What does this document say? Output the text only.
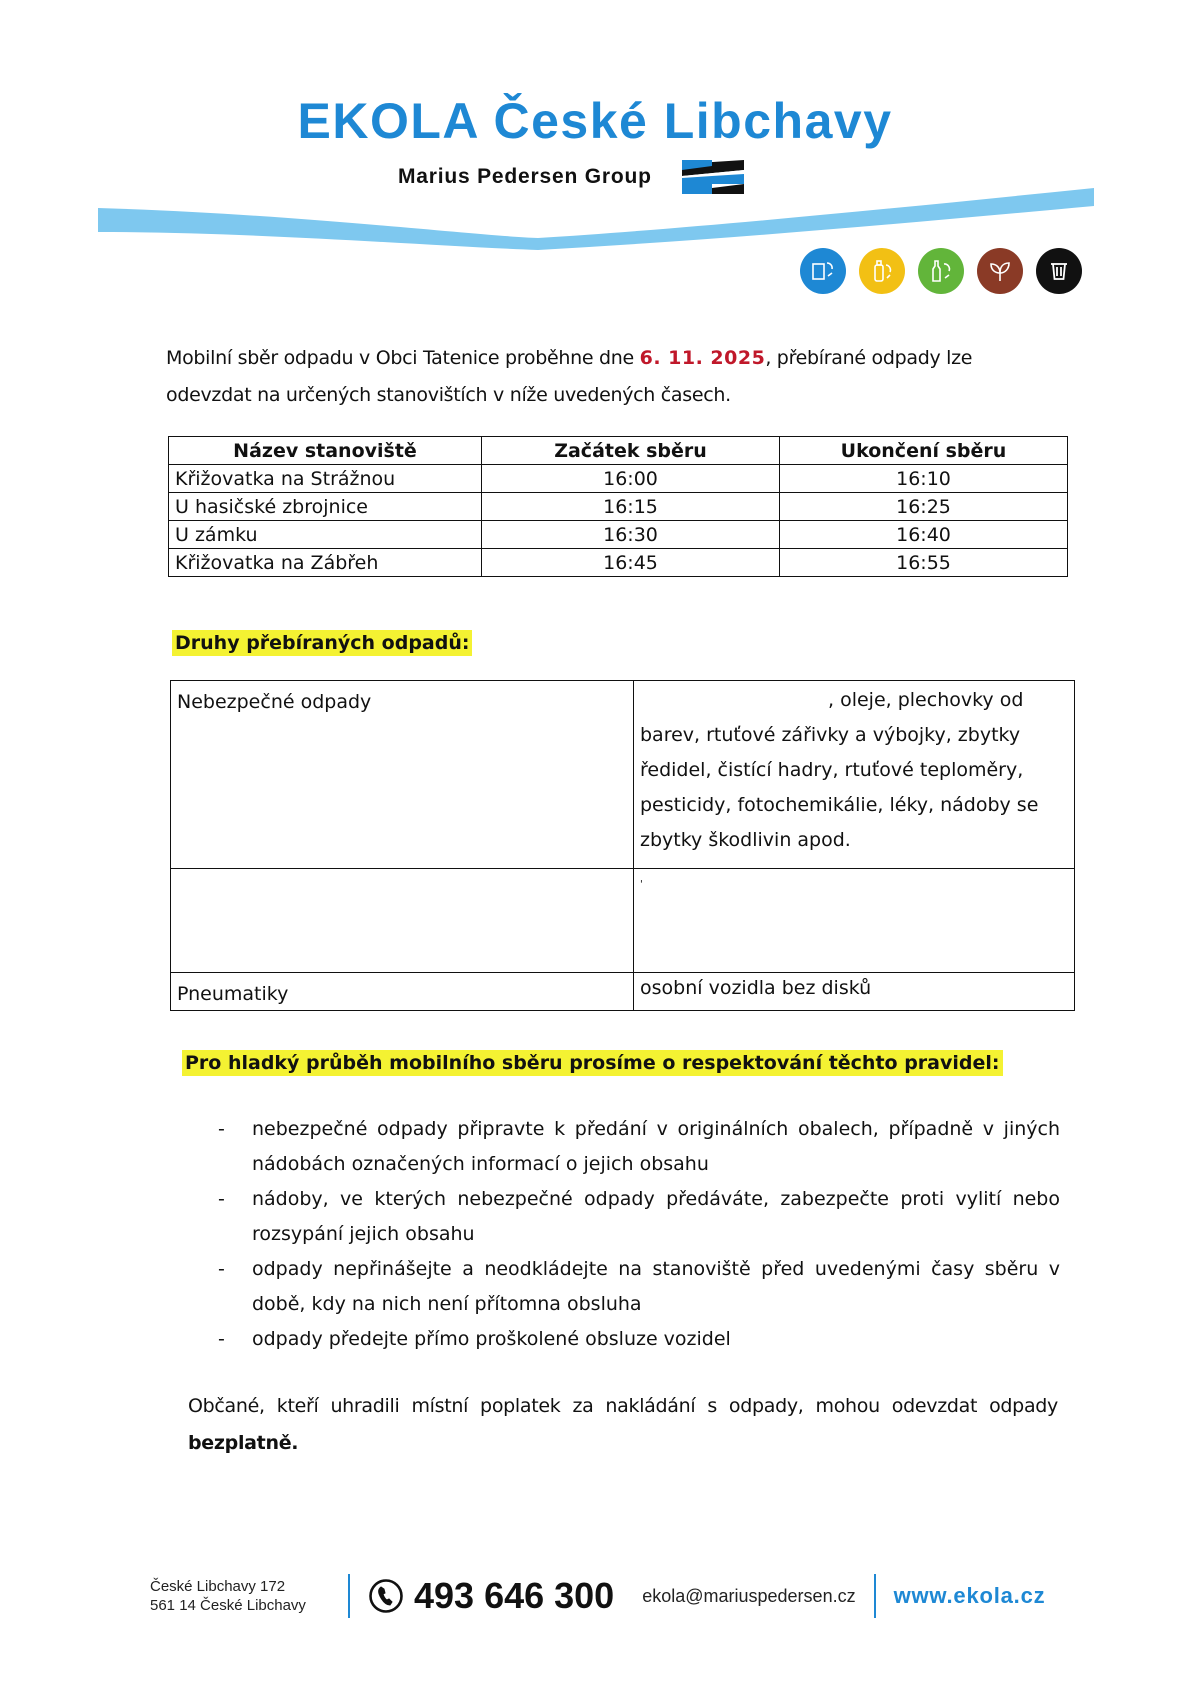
EKOLA České Libchavy
Marius Pedersen Group
Mobilní sběr odpadu v Obci Tatenice proběhne dne 6. 11. 2025, přebírané odpady lze odevzdat na určených stanovištích v níže uvedených časech.
Název stanoviště	Začátek sběru	Ukončení sběru
Křižovatka na Strážnou	16:00	16:10
U hasičské zbrojnice	16:15	16:25
U zámku	16:30	16:40
Křižovatka na Zábřeh	16:45	16:55
Druhy přebíraných odpadů:
Nebezpečné odpady	, oleje, plechovky od
barev, rtuťové zářivky a výbojky, zbytky
ředidel, čistící hadry, rtuťové teploměry,
pesticidy, fotochemikálie, léky, nádoby se
zbytky škodlivin apod.

	'
Pneumatiky	osobní vozidla bez disků
Pro hladký průběh mobilního sběru prosíme o respektování těchto pravidel:
- nebezpečné odpady připravte k předání v originálních obalech, případně v jiných nádobách označených informací o jejich obsahu
- nádoby, ve kterých nebezpečné odpady předáváte, zabezpečte proti vylití nebo rozsypání jejich obsahu
- odpady nepřinášejte a neodkládejte na stanoviště před uvedenými časy sběru v době, kdy na nich není přítomna obsluha
- odpady předejte přímo proškolené obsluze vozidel
Občané, kteří uhradili místní poplatek za nakládání s odpady, mohou odevzdat odpady bezplatně.
České Libchavy 172
561 14 České Libchavy	493 646 300 ekola@mariuspedersen.cz www.ekola.cz
